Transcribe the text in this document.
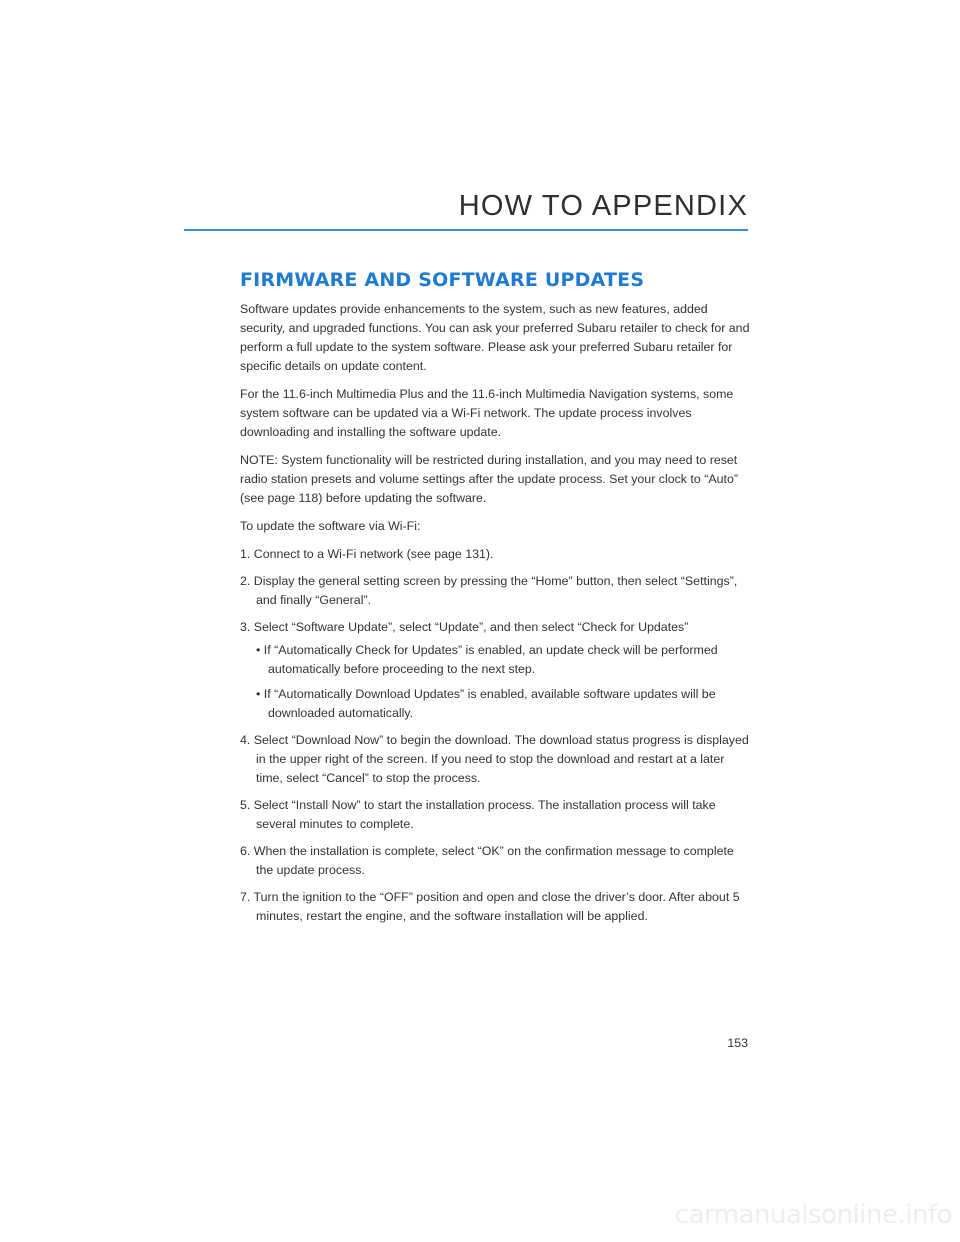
HOW TO APPENDIX
FIRMWARE AND SOFTWARE UPDATES

Software updates provide enhancements to the system, such as new features, added security, and upgraded functions. You can ask your preferred Subaru retailer to check for and perform a full update to the system software. Please ask your preferred Subaru retailer for specific details on update content.

For the 11.6-inch Multimedia Plus and the 11.6-inch Multimedia Navigation systems, some system software can be updated via a Wi-Fi network. The update process involves downloading and installing the software update.

NOTE: System functionality will be restricted during installation, and you may need to reset radio station presets and volume settings after the update process. Set your clock to “Auto” (see page 118) before updating the software.

To update the software via Wi-Fi:

1. Connect to a Wi-Fi network (see page 131).
2. Display the general setting screen by pressing the “Home” button, then select “Settings”, and finally “General”.
3. Select “Software Update”, select “Update”, and then select “Check for Updates”
• If “Automatically Check for Updates” is enabled, an update check will be performed automatically before proceeding to the next step.
• If “Automatically Download Updates” is enabled, available software updates will be downloaded automatically.
4. Select “Download Now” to begin the download. The download status progress is displayed in the upper right of the screen. If you need to stop the download and restart at a later time, select “Cancel” to stop the process.
5. Select “Install Now” to start the installation process. The installation process will take several minutes to complete.
6. When the installation is complete, select “OK” on the confirmation message to complete the update process.
7. Turn the ignition to the “OFF” position and open and close the driver’s door. After about 5 minutes, restart the engine, and the software installation will be applied.
153
carmanualsonline.info
